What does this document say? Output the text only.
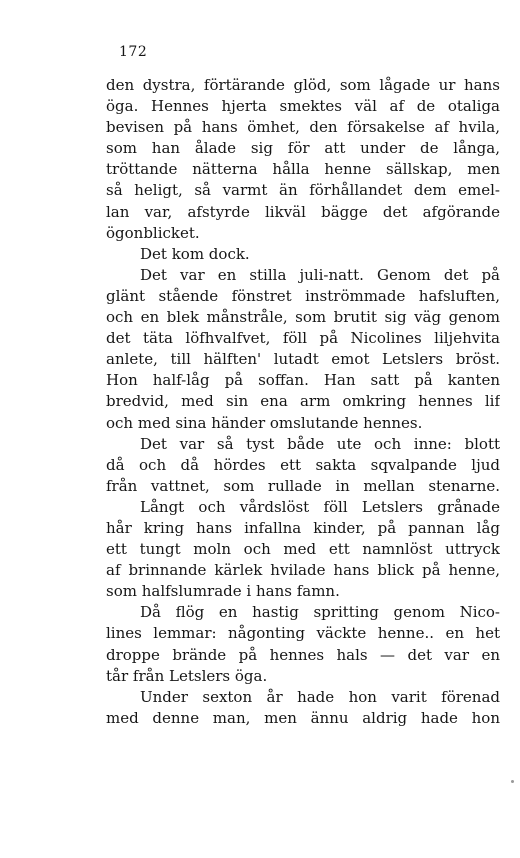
172
den dystra, förtärande glöd, som lågade ur hans
öga. Hennes hjerta smektes väl af de otaliga
bevisen på hans ömhet, den försakelse af hvila,
som han ålade sig för att under de långa,
tröttande nätterna hålla henne sällskap, men
så heligt, så varmt än förhållandet dem emel-
lan var, afstyrde likväl bägge det afgörande
ögonblicket.
Det kom dock.
Det var en stilla juli-natt. Genom det på
glänt stående fönstret inströmmade hafsluften,
och en blek månstråle, som brutit sig väg genom
det täta löfhvalfvet, föll på Nicolines liljehvita
anlete, till hälften' lutadt emot Letslers bröst.
Hon half-låg på soffan. Han satt på kanten
bredvid, med sin ena arm omkring hennes lif
och med sina händer omslutande hennes.
Det var så tyst både ute och inne: blott
då och då hördes ett sakta sqvalpande ljud
från vattnet, som rullade in mellan stenarne.
Långt och vårdslöst föll Letslers grånade
hår kring hans infallna kinder, på pannan låg
ett tungt moln och med ett namnlöst uttryck
af brinnande kärlek hvilade hans blick på henne,
som halfslumrade i hans famn.
Då flög en hastig spritting genom Nico-
lines lemmar: någonting väckte henne.. en het
droppe brände på hennes hals — det var en
tår från Letslers öga.
Under sexton år hade hon varit förenad
med denne man, men ännu aldrig hade hon
